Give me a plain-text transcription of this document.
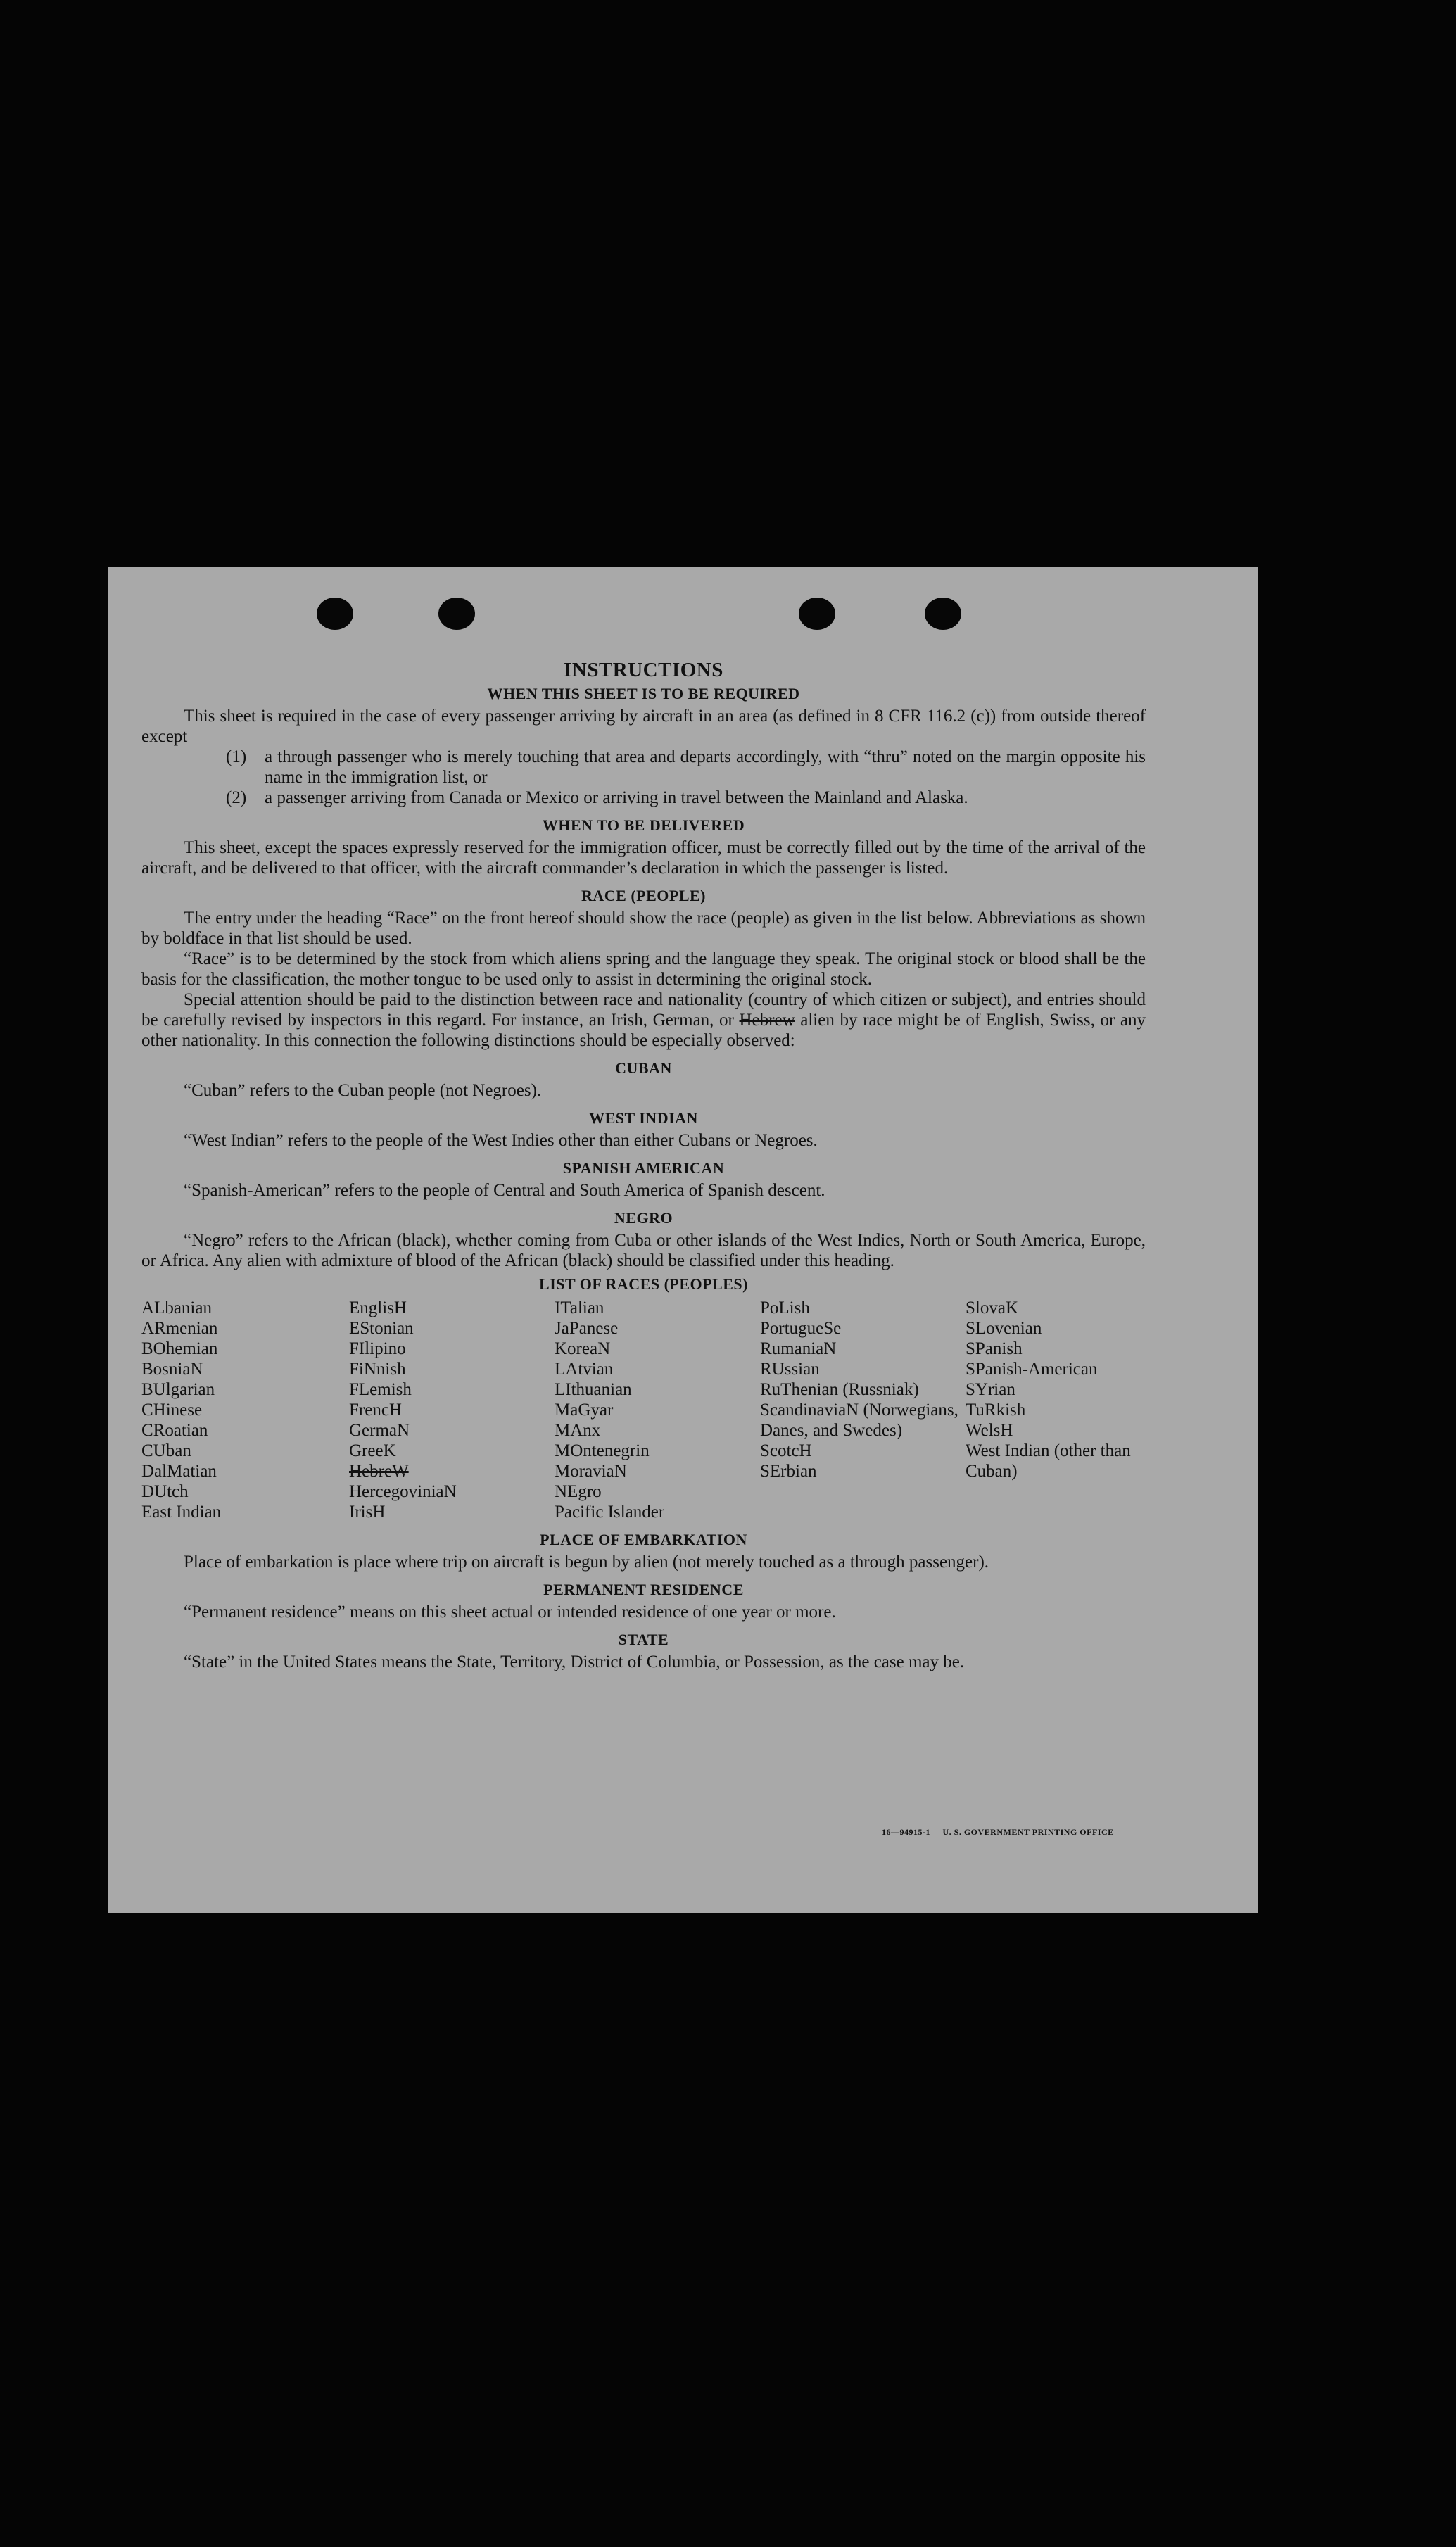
INSTRUCTIONS
WHEN THIS SHEET IS TO BE REQUIRED

This sheet is required in the case of every passenger arriving by aircraft in an area (as defined in 8 CFR 116.2 (c)) from outside thereof except

(1)	a through passenger who is merely touching that area and departs accordingly, with “thru” noted on the margin opposite his name in the immigration list, or
(2)	a passenger arriving from Canada or Mexico or arriving in travel between the Mainland and Alaska.
WHEN TO BE DELIVERED

This sheet, except the spaces expressly reserved for the immigration officer, must be correctly filled out by the time of the arrival of the aircraft, and be delivered to that officer, with the aircraft commander’s declaration in which the passenger is listed.

RACE (PEOPLE)

The entry under the heading “Race” on the front hereof should show the race (people) as given in the list below. Abbreviations as shown by boldface in that list should be used.

“Race” is to be determined by the stock from which aliens spring and the language they speak. The original stock or blood shall be the basis for the classification, the mother tongue to be used only to assist in determining the original stock.

Special attention should be paid to the distinction between race and nationality (country of which citizen or subject), and entries should be carefully revised by inspectors in this regard. For instance, an Irish, German, or Hebrew alien by race might be of English, Swiss, or any other nationality. In this connection the following distinctions should be especially observed:

CUBAN

“Cuban” refers to the Cuban people (not Negroes).

WEST INDIAN

“West Indian” refers to the people of the West Indies other than either Cubans or Negroes.

SPANISH AMERICAN

“Spanish-American” refers to the people of Central and South America of Spanish descent.

NEGRO

“Negro” refers to the African (black), whether coming from Cuba or other islands of the West Indies, North or South America, Europe, or Africa. Any alien with admixture of blood of the African (black) should be classified under this heading.

LIST OF RACES (PEOPLES)
ALbanian
ARmenian
BOhemian
BosniaN
BUlgarian
CHinese
CRoatian
CUban
DalMatian
DUtch
East Indian
EnglisH
EStonian
FIlipino
FiNnish
FLemish
FrencH
GermaN
GreeK
HebreW
HercegoviniaN
IrisH
ITalian
JaPanese
KoreaN
LAtvian
LIthuanian
MaGyar
MAnx
MOntenegrin
MoraviaN
NEgro
Pacific Islander
PoLish
PortugueSe
RumaniaN
RUssian
RuThenian (Russniak)
ScandinaviaN (Norwegians, Danes, and Swedes)
ScotcH
SErbian
SlovaK
SLovenian
SPanish
SPanish-American
SYrian
TuRkish
WelsH
West Indian (other than Cuban)
PLACE OF EMBARKATION

Place of embarkation is place where trip on aircraft is begun by alien (not merely touched as a through passenger).

PERMANENT RESIDENCE

“Permanent residence” means on this sheet actual or intended residence of one year or more.

STATE

“State” in the United States means the State, Territory, District of Columbia, or Possession, as the case may be.

16—94915-1 U. S. GOVERNMENT PRINTING OFFICE
